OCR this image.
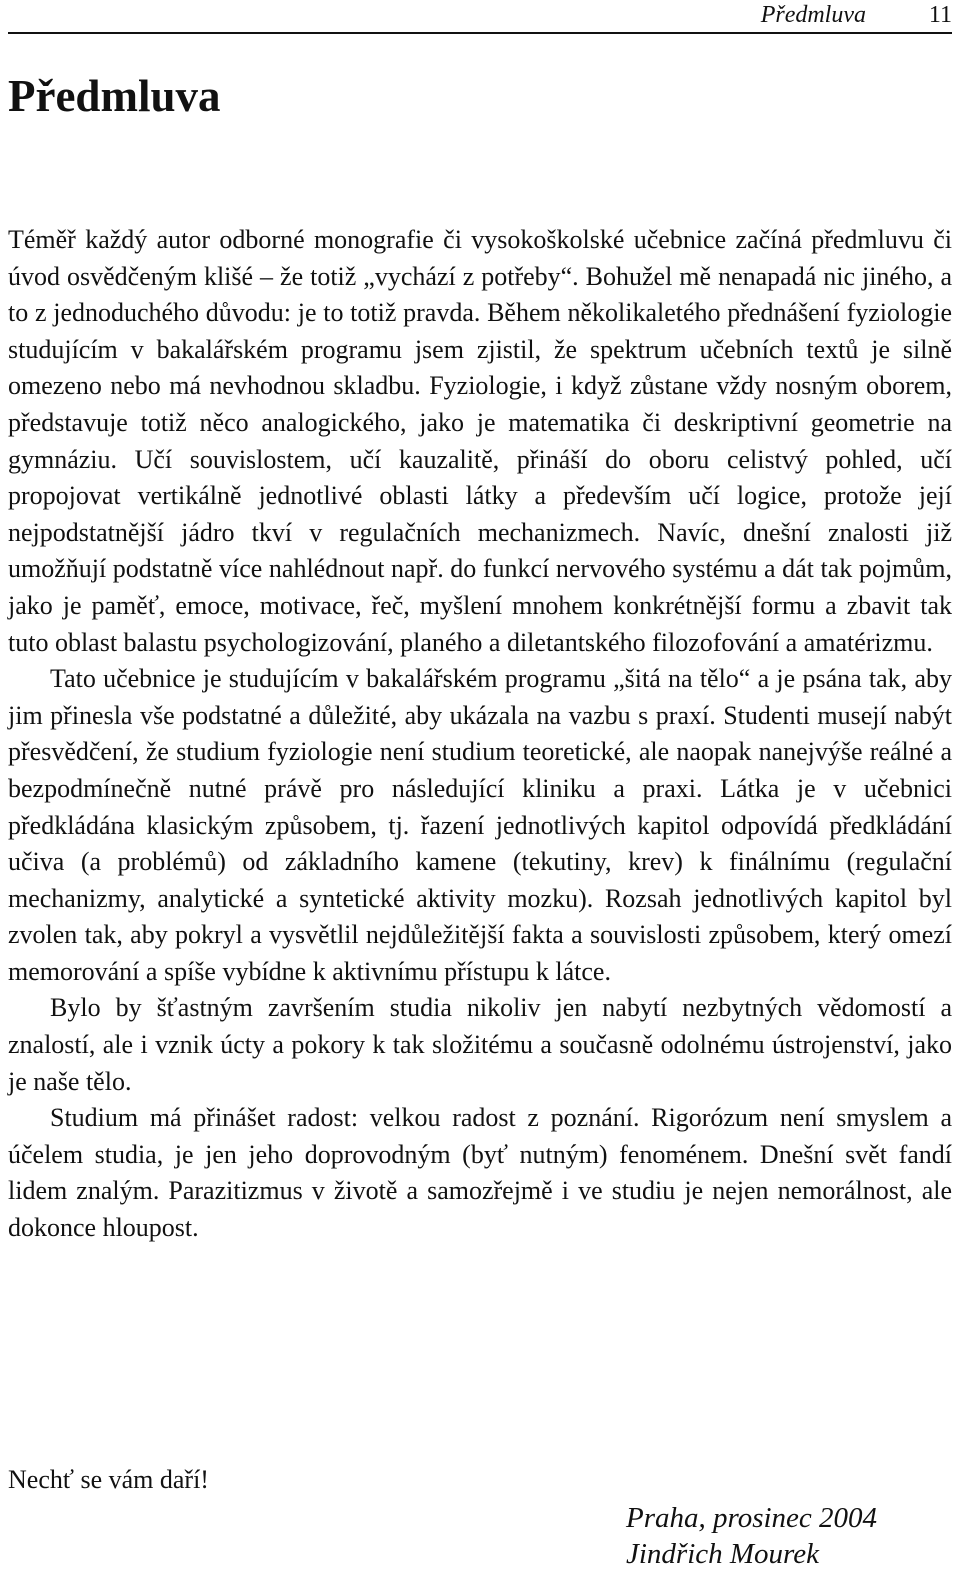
Předmluva	11
Předmluva

Téměř každý autor odborné monografie či vysokoškolské učebnice začíná předmluvu či úvod osvědčeným klišé – že totiž „vychází z potřeby“. Bohužel mě nenapadá nic jiného, a to z jednoduchého důvodu: je to totiž pravda. Během několikaletého přednášení fyziologie studujícím v bakalářském programu jsem zjistil, že spektrum učebních textů je silně omezeno nebo má nevhodnou skladbu. Fyziologie, i když zůstane vždy nosným oborem, představuje totiž něco analogického, jako je matematika či deskriptivní geometrie na gymnáziu. Učí souvislostem, učí kauzalitě, přináší do oboru celistvý pohled, učí propojovat vertikálně jednotlivé oblasti látky a především učí logice, protože její nejpodstatnější jádro tkví v regulačních mechanizmech. Navíc, dnešní znalosti již umožňují podstatně více nahlédnout např. do funkcí nervového systému a dát tak pojmům, jako je paměť, emoce, motivace, řeč, myšlení mnohem konkrétnější formu a zbavit tak tuto oblast balastu psychologizování, planého a diletantského filozofování a amatérizmu.

Tato učebnice je studujícím v bakalářském programu „šitá na tělo“ a je psána tak, aby jim přinesla vše podstatné a důležité, aby ukázala na vazbu s praxí. Studenti musejí nabýt přesvědčení, že studium fyziologie není studium teoretické, ale naopak nanejvýše reálné a bezpodmínečně nutné právě pro následující kliniku a praxi. Látka je v učebnici předkládána klasickým způsobem, tj. řazení jednotlivých kapitol odpovídá předkládání učiva (a problémů) od základního kamene (tekutiny, krev) k finálnímu (regulační mechanizmy, analytické a syntetické aktivity mozku). Rozsah jednotlivých kapitol byl zvolen tak, aby pokryl a vysvětlil nejdůležitější fakta a souvislosti způsobem, který omezí memorování a spíše vybídne k aktivnímu přístupu k látce.

Bylo by šťastným završením studia nikoliv jen nabytí nezbytných vědomostí a znalostí, ale i vznik úcty a pokory k tak složitému a současně odolnému ústrojenství, jako je naše tělo.

Studium má přinášet radost: velkou radost z poznání. Rigorózum není smyslem a účelem studia, je jen jeho doprovodným (byť nutným) fenoménem. Dnešní svět fandí lidem znalým. Parazitizmus v životě a samozřejmě i ve studiu je nejen nemorálnost, ale dokonce hloupost.

Nechť se vám daří!

Praha, prosinec 2004
Jindřich Mourek
